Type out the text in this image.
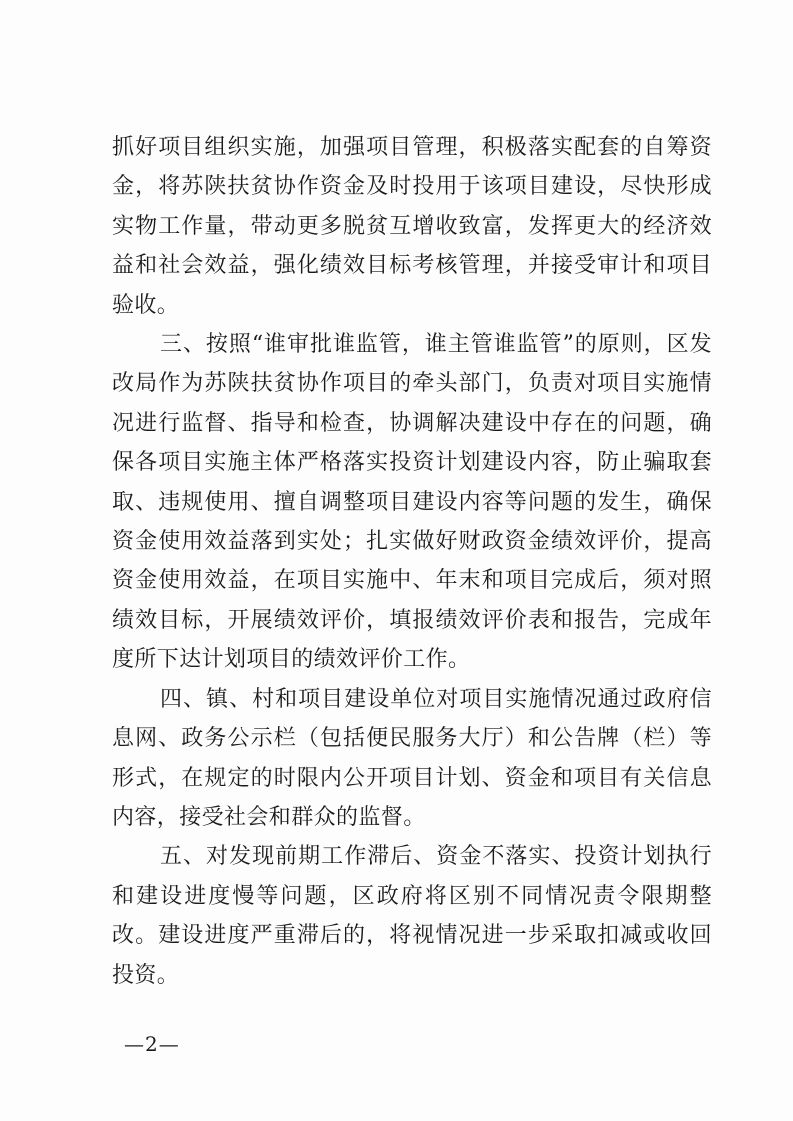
抓好项目组织实施，加强项目管理，积极落实配套的自筹资金，将苏陕扶贫协作资金及时投用于该项目建设，尽快形成实物工作量，带动更多脱贫互增收致富，发挥更大的经济效益和社会效益，强化绩效目标考核管理，并接受审计和项目验收。

三、按照“谁审批谁监管，谁主管谁监管”的原则，区发改局作为苏陕扶贫协作项目的牵头部门，负责对项目实施情况进行监督、指导和检查，协调解决建设中存在的问题，确保各项目实施主体严格落实投资计划建设内容，防止骗取套取、违规使用、擅自调整项目建设内容等问题的发生，确保资金使用效益落到实处；扎实做好财政资金绩效评价，提高资金使用效益，在项目实施中、年末和项目完成后，须对照绩效目标，开展绩效评价，填报绩效评价表和报告，完成年度所下达计划项目的绩效评价工作。

四、镇、村和项目建设单位对项目实施情况通过政府信息网、政务公示栏（包括便民服务大厅）和公告牌（栏）等形式，在规定的时限内公开项目计划、资金和项目有关信息内容，接受社会和群众的监督。

五、对发现前期工作滞后、资金不落实、投资计划执行和建设进度慢等问题，区政府将区别不同情况责令限期整改。建设进度严重滞后的，将视情况进一步采取扣减或收回投资。

—2—
